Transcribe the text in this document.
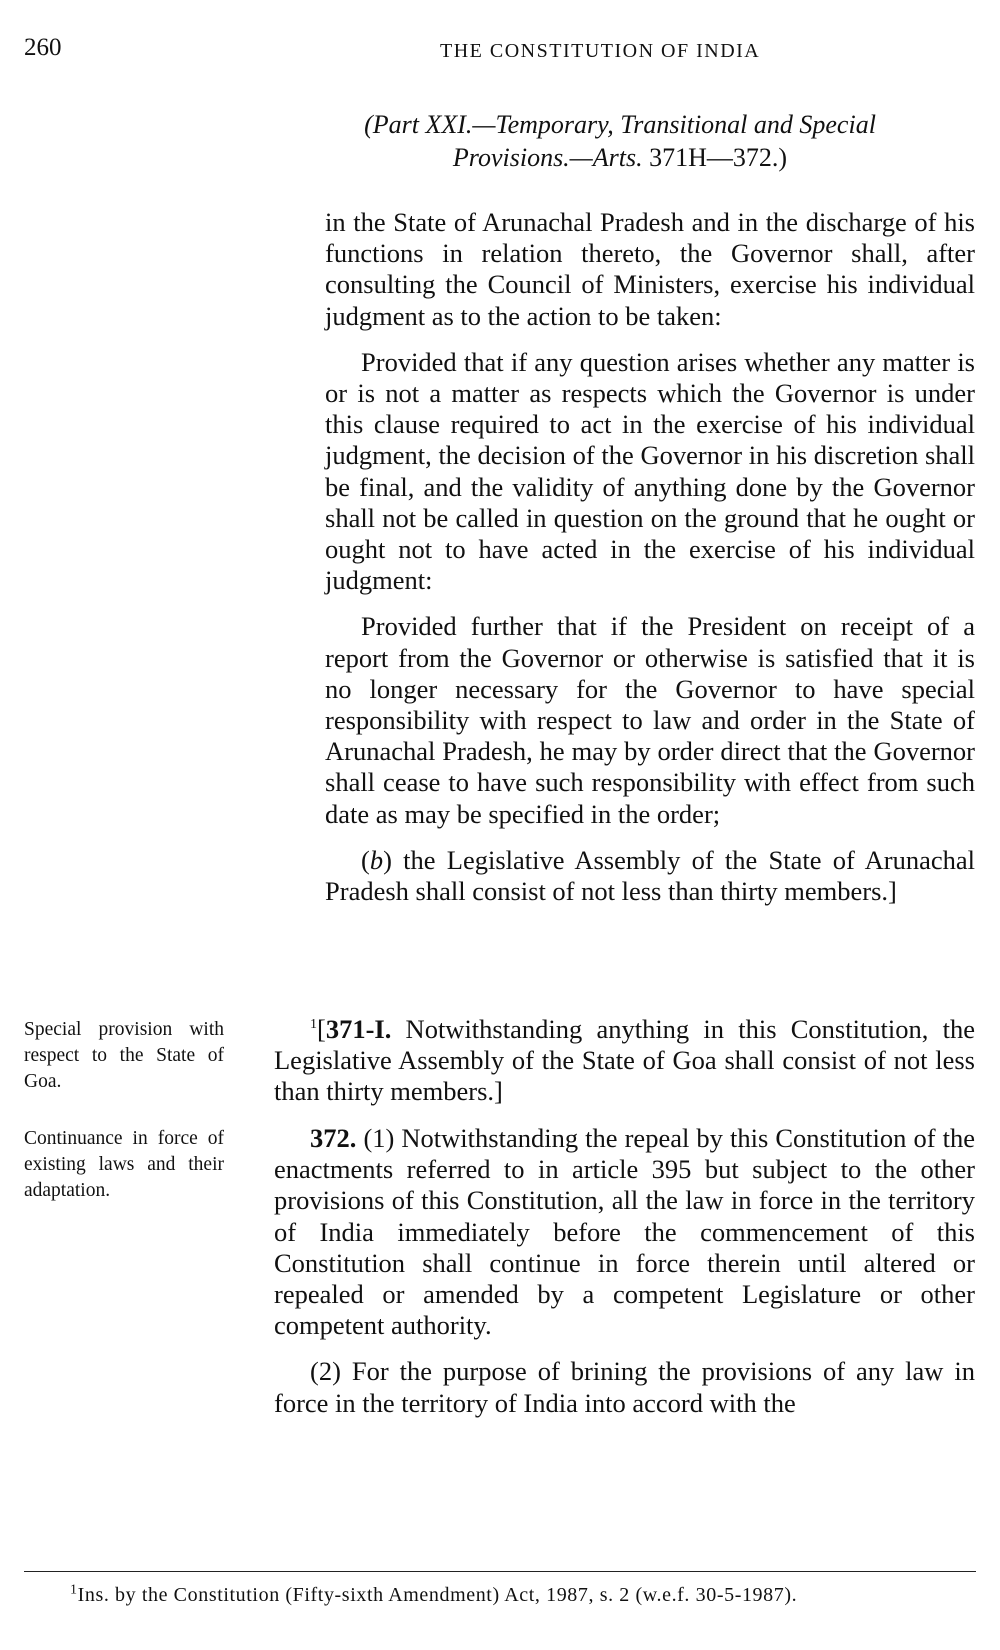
260	THE CONSTITUTION OF INDIA
(Part XXI.—Temporary, Transitional and Special
Provisions.—Arts. 371H—372.)

in the State of Arunachal Pradesh and in the discharge of his functions in relation thereto, the Governor shall, after consulting the Council of Ministers, exercise his individual judgment as to the action to be taken:

Provided that if any question arises whether any matter is or is not a matter as respects which the Governor is under this clause required to act in the exercise of his individual judgment, the decision of the Governor in his discretion shall be final, and the validity of anything done by the Governor shall not be called in question on the ground that he ought or ought not to have acted in the exercise of his individual judgment:

Provided further that if the President on receipt of a report from the Governor or otherwise is satisfied that it is no longer necessary for the Governor to have special responsibility with respect to law and order in the State of Arunachal Pradesh, he may by order direct that the Governor shall cease to have such responsibility with effect from such date as may be specified in the order;

(b) the Legislative Assembly of the State of Arunachal Pradesh shall consist of not less than thirty members.]

Special provision with respect to the State of Goa.

$^1$[371-I. Notwithstanding anything in this Constitution, the Legislative Assembly of the State of Goa shall consist of not less than thirty members.]

Continuance in force of existing laws and their adaptation.

372. (1) Notwithstanding the repeal by this Constitution of the enactments referred to in article 395 but subject to the other provisions of this Constitution, all the law in force in the territory of India immediately before the commencement of this Constitution shall continue in force therein until altered or repealed or amended by a competent Legislature or other competent authority.

(2) For the purpose of brining the provisions of any law in force in the territory of India into accord with the

$^1$Ins. by the Constitution (Fifty-sixth Amendment) Act, 1987, s. 2 (w.e.f. 30-5-1987).
